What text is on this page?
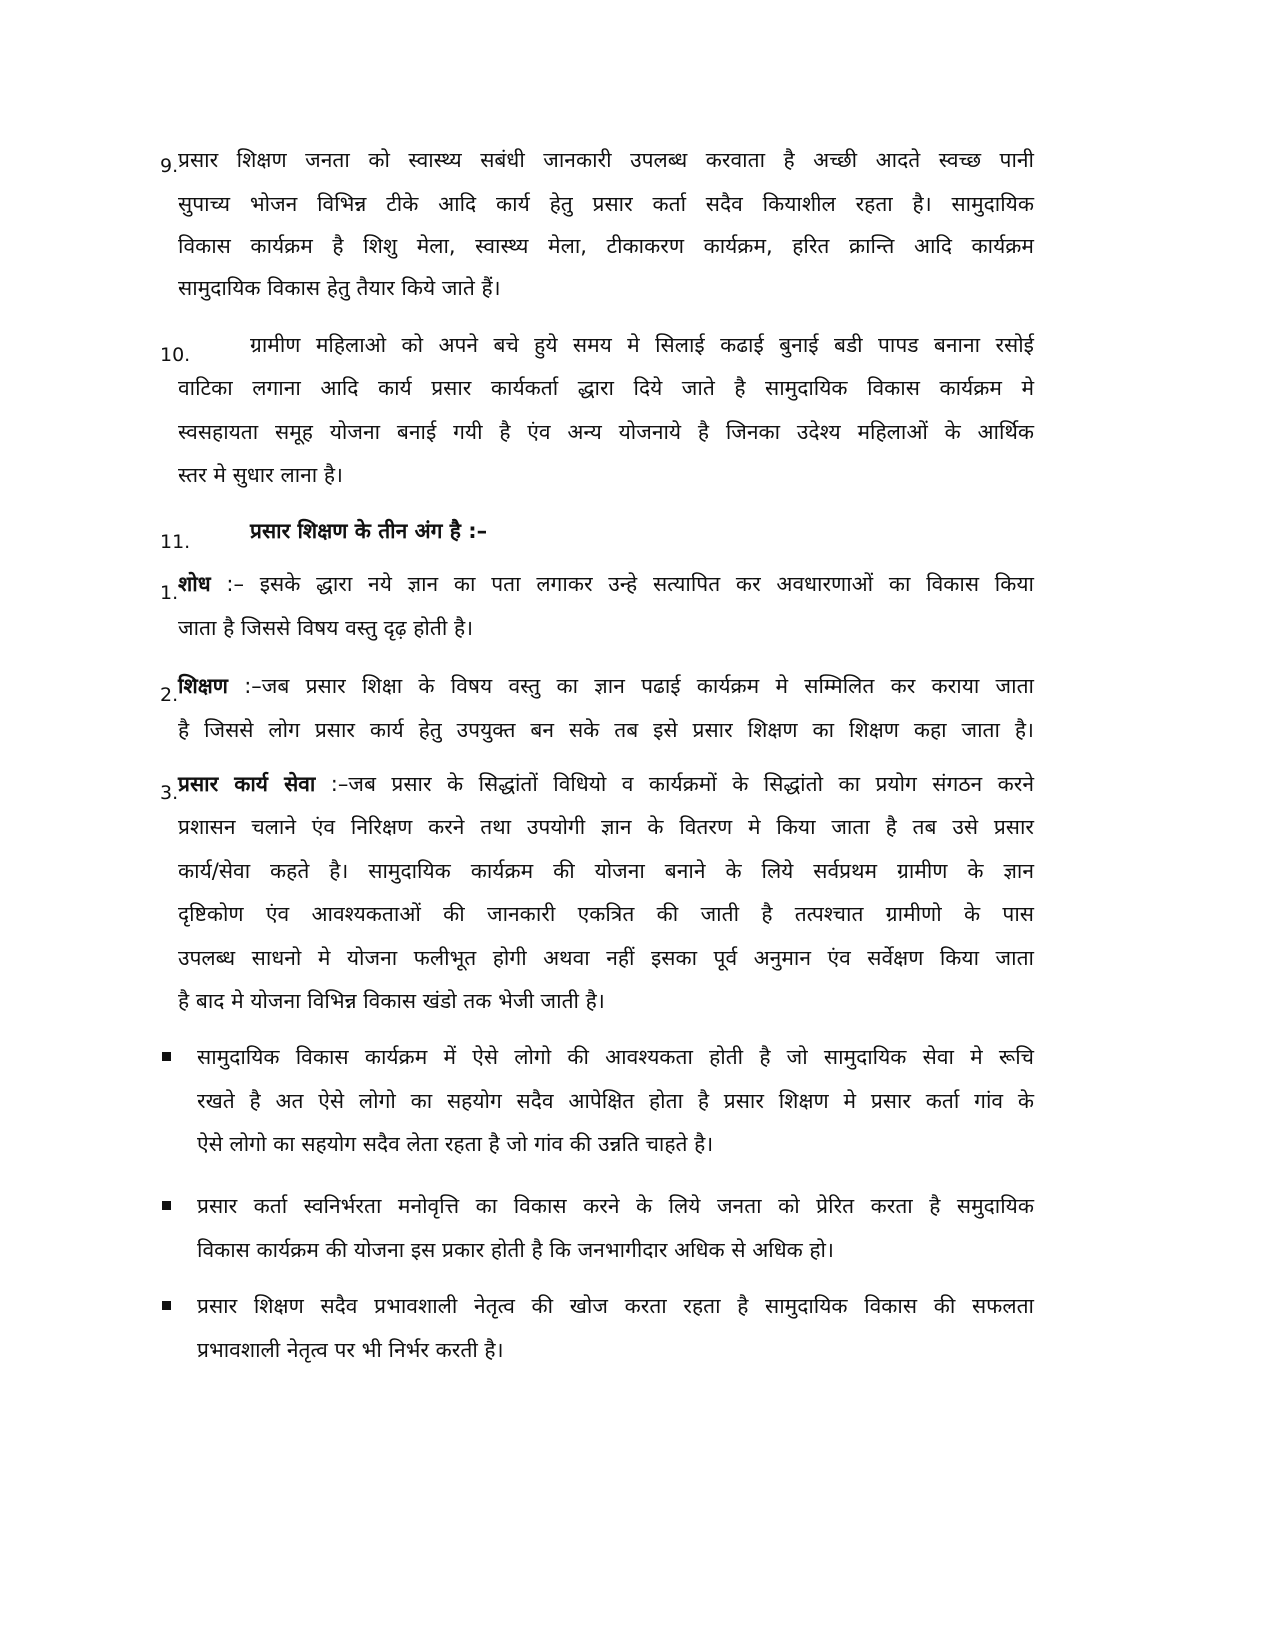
9. प्रसार शिक्षण जनता को स्वास्थ्य सबंधी जानकारी उपलब्ध करवाता है अच्छी आदते स्वच्छ पानी
सुपाच्य भोजन विभिन्न टीके आदि कार्य हेतु प्रसार कर्ता सदैव कियाशील रहता है। सामुदायिक
विकास कार्यक्रम है शिशु मेला, स्वास्थ्य मेला, टीकाकरण कार्यक्रम, हरित क्रान्ति आदि कार्यक्रम
सामुदायिक विकास हेतु तैयार किये जाते हैं।
10.	ग्रामीण महिलाओ को अपने बचे हुये समय मे सिलाई कढाई बुनाई बडी पापड बनाना रसोई
वाटिका लगाना आदि कार्य प्रसार कार्यकर्ता द्धारा दिये जाते है सामुदायिक विकास कार्यक्रम मे
स्वसहायता समूह योजना बनाई गयी है एंव अन्य योजनाये है जिनका उदेश्य महिलाओं के आर्थिक
स्तर मे सुधार लाना है।
11.	प्रसार शिक्षण के तीन अंग है :–
1. शोध :– इसके द्धारा नये ज्ञान का पता लगाकर उन्हे सत्यापित कर अवधारणाओं का विकास किया
जाता है जिससे विषय वस्तु दृढ़ होती है।
2. शिक्षण :–जब प्रसार शिक्षा के विषय वस्तु का ज्ञान पढाई कार्यक्रम मे सम्मिलित कर कराया जाता
है जिससे लोग प्रसार कार्य हेतु उपयुक्त बन सके तब इसे प्रसार शिक्षण का शिक्षण कहा जाता है।
3. प्रसार कार्य सेवा :–जब प्रसार के सिद्धांतों विधियो व कार्यक्रमों के सिद्धांतो का प्रयोग संगठन करने
प्रशासन चलाने एंव निरिक्षण करने तथा उपयोगी ज्ञान के वितरण मे किया जाता है तब उसे प्रसार
कार्य/सेवा कहते है। सामुदायिक कार्यक्रम की योजना बनाने के लिये सर्वप्रथम ग्रामीण के ज्ञान
दृष्टिकोण एंव आवश्यकताओं की जानकारी एकत्रित की जाती है तत्पश्चात ग्रामीणो के पास
उपलब्ध साधनो मे योजना फलीभूत होगी अथवा नहीं इसका पूर्व अनुमान एंव सर्वेक्षण किया जाता
है बाद मे योजना विभिन्न विकास खंडो तक भेजी जाती है।
सामुदायिक विकास कार्यक्रम में ऐसे लोगो की आवश्यकता होती है जो सामुदायिक सेवा मे रूचि
रखते है अत ऐसे लोगो का सहयोग सदैव आपेक्षित होता है प्रसार शिक्षण मे प्रसार कर्ता गांव के
ऐसे लोगो का सहयोग सदैव लेता रहता है जो गांव की उन्नति चाहते है।
प्रसार कर्ता स्वनिर्भरता मनोवृत्ति का विकास करने के लिये जनता को प्रेरित करता है समुदायिक
विकास कार्यक्रम की योजना इस प्रकार होती है कि जनभागीदार अधिक से अधिक हो।
प्रसार शिक्षण सदैव प्रभावशाली नेतृत्व की खोज करता रहता है सामुदायिक विकास की सफलता
प्रभावशाली नेतृत्व पर भी निर्भर करती है।
